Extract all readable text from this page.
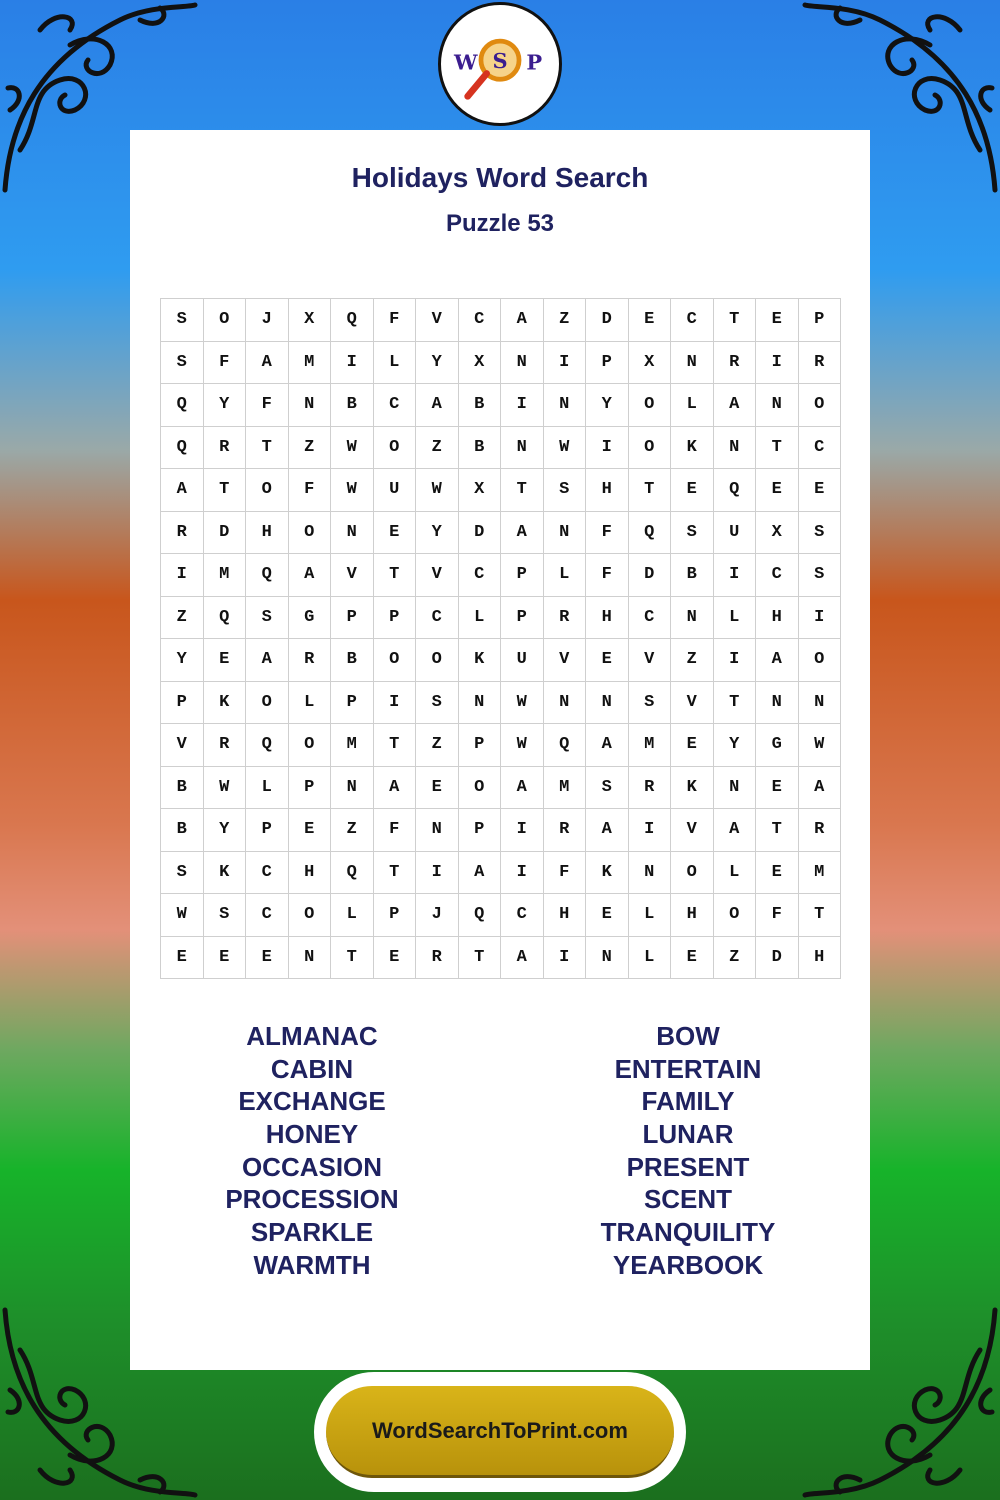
W S P
Holidays Word Search
Puzzle 53
S	O	J	X	Q	F	V	C	A	Z	D	E	C	T	E	P
S	F	A	M	I	L	Y	X	N	I	P	X	N	R	I	R
Q	Y	F	N	B	C	A	B	I	N	Y	O	L	A	N	O
Q	R	T	Z	W	O	Z	B	N	W	I	O	K	N	T	C
A	T	O	F	W	U	W	X	T	S	H	T	E	Q	E	E
R	D	H	O	N	E	Y	D	A	N	F	Q	S	U	X	S
I	M	Q	A	V	T	V	C	P	L	F	D	B	I	C	S
Z	Q	S	G	P	P	C	L	P	R	H	C	N	L	H	I
Y	E	A	R	B	O	O	K	U	V	E	V	Z	I	A	O
P	K	O	L	P	I	S	N	W	N	N	S	V	T	N	N
V	R	Q	O	M	T	Z	P	W	Q	A	M	E	Y	G	W
B	W	L	P	N	A	E	O	A	M	S	R	K	N	E	A
B	Y	P	E	Z	F	N	P	I	R	A	I	V	A	T	R
S	K	C	H	Q	T	I	A	I	F	K	N	O	L	E	M
W	S	C	O	L	P	J	Q	C	H	E	L	H	O	F	T
E	E	E	N	T	E	R	T	A	I	N	L	E	Z	D	H
ALMANAC
CABIN
EXCHANGE
HONEY
OCCASION
PROCESSION
SPARKLE
WARMTH
BOW
ENTERTAIN
FAMILY
LUNAR
PRESENT
SCENT
TRANQUILITY
YEARBOOK
WordSearchToPrint.com
